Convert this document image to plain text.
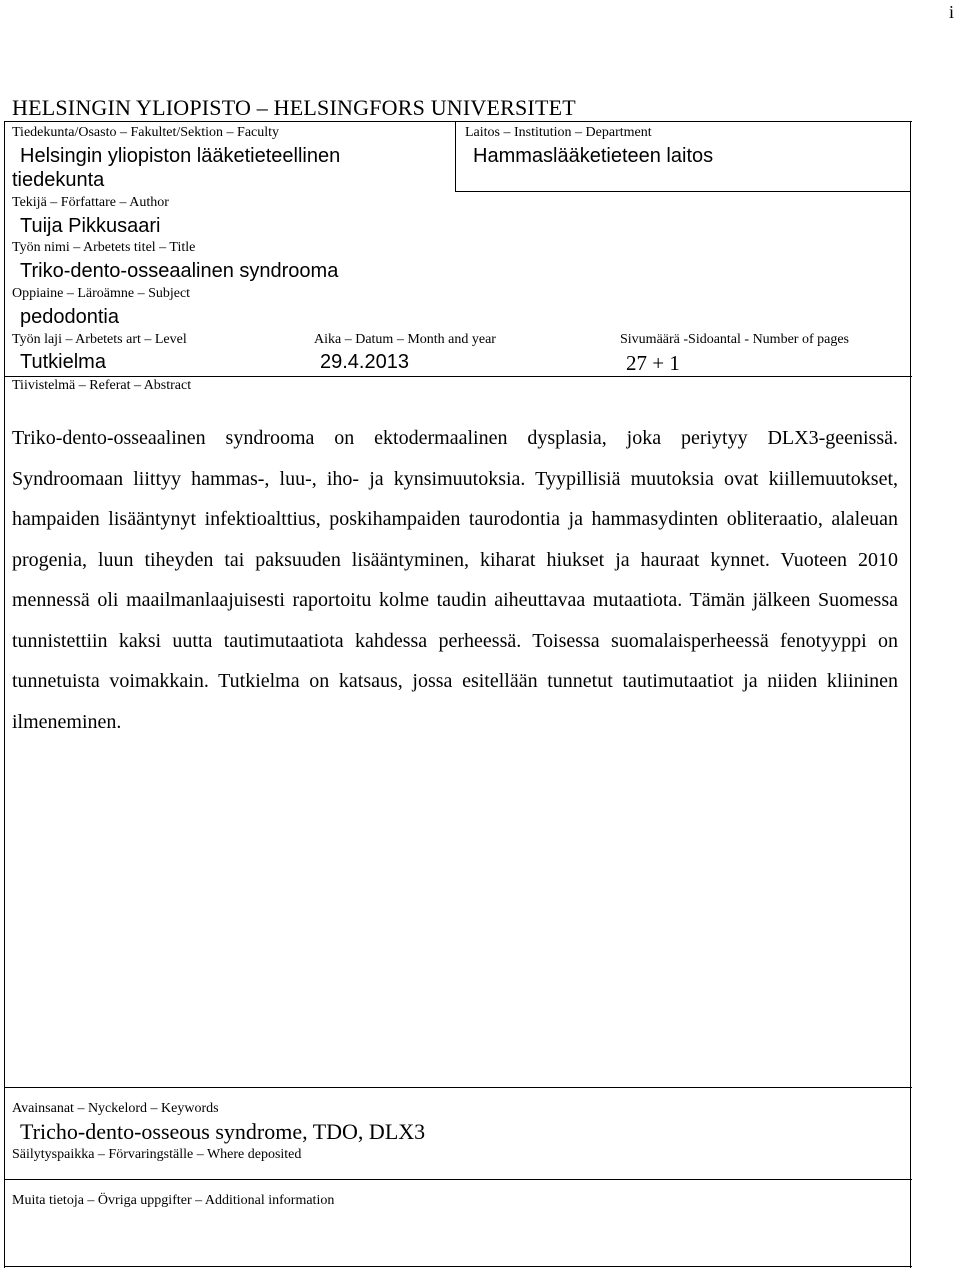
i
HELSINGIN YLIOPISTO – HELSINGFORS UNIVERSITET
Tiedekunta/Osasto – Fakultet/Sektion – Faculty
Helsingin yliopiston lääketieteellinen
tiedekunta
Laitos – Institution – Department
Hammaslääketieteen laitos
Tekijä – Författare – Author
Tuija Pikkusaari
Työn nimi – Arbetets titel – Title
Triko-dento-osseaalinen syndrooma
Oppiaine – Läroämne – Subject
pedodontia
Työn laji – Arbetets art – Level
Tutkielma
Aika – Datum – Month and year
29.4.2013
Sivumäärä -Sidoantal - Number of pages
27 + 1
Tiivistelmä – Referat – Abstract
Triko-dento-osseaalinen syndrooma on ektodermaalinen dysplasia, joka periytyy DLX3-geenissä. Syndroomaan liittyy hammas-, luu-, iho- ja kynsimuutoksia. Tyypillisiä muutoksia ovat kiillemuutokset, hampaiden lisääntynyt infektioalttius, poskihampaiden taurodontia ja hammasydinten obliteraatio, alaleuan progenia, luun tiheyden tai paksuuden lisääntyminen, kiharat hiukset ja hauraat kynnet. Vuoteen 2010 mennessä oli maailmanlaajuisesti raportoitu kolme taudin aiheuttavaa mutaatiota. Tämän jälkeen Suomessa tunnistettiin kaksi uutta tautimutaatiota kahdessa perheessä. Toisessa suomalaisperheessä fenotyyppi on tunnetuista voimakkain. Tutkielma on katsaus, jossa esitellään tunnetut tautimutaatiot ja niiden kliininen ilmeneminen.
Avainsanat – Nyckelord – Keywords
Tricho-dento-osseous syndrome, TDO, DLX3
Säilytyspaikka – Förvaringställe – Where deposited
Muita tietoja – Övriga uppgifter – Additional information
